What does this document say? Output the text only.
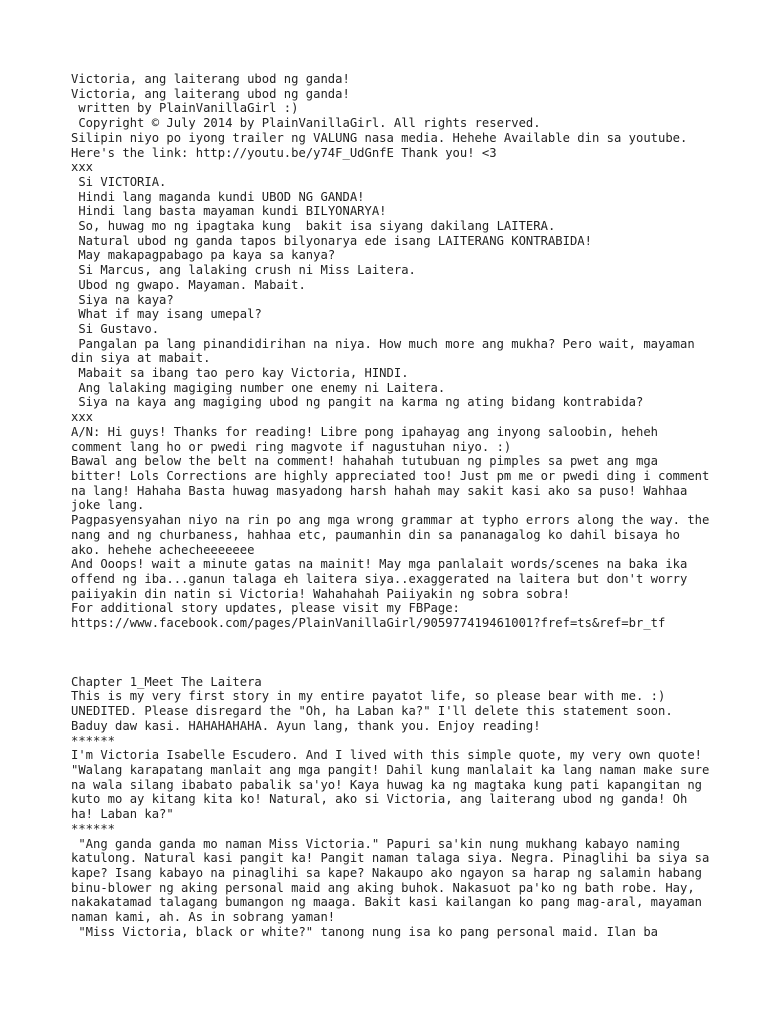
Victoria, ang laiterang ubod ng ganda!

Victoria, ang laiterang ubod ng ganda!

written by PlainVanillaGirl :)

Copyright © July 2014 by PlainVanillaGirl. All rights reserved.

Silipin niyo po iyong trailer ng VALUNG nasa media. Hehehe Available din sa youtube. Here's the link: http://youtu.be/y74F_UdGnfE Thank you! <3

xxx

Si VICTORIA.

Hindi lang maganda kundi UBOD NG GANDA!

Hindi lang basta mayaman kundi BILYONARYA!

So, huwag mo ng ipagtaka kung  bakit isa siyang dakilang LAITERA.

Natural ubod ng ganda tapos bilyonarya ede isang LAITERANG KONTRABIDA!

May makapagpabago pa kaya sa kanya?

Si Marcus, ang lalaking crush ni Miss Laitera.

Ubod ng gwapo. Mayaman. Mabait.

Siya na kaya?

What if may isang umepal?

Si Gustavo.

Pangalan pa lang pinandidirihan na niya. How much more ang mukha? Pero wait, mayaman din siya at mabait.

Mabait sa ibang tao pero kay Victoria, HINDI.

Ang lalaking magiging number one enemy ni Laitera.

Siya na kaya ang magiging ubod ng pangit na karma ng ating bidang kontrabida?

xxx

A/N: Hi guys! Thanks for reading! Libre pong ipahayag ang inyong saloobin, heheh comment lang ho or pwedi ring magvote if nagustuhan niyo. :)

Bawal ang below the belt na comment! hahahah tutubuan ng pimples sa pwet ang mga bitter! Lols Corrections are highly appreciated too! Just pm me or pwedi ding i comment na lang! Hahaha Basta huwag masyadong harsh hahah may sakit kasi ako sa puso! Wahhaa joke lang.

Pagpasyensyahan niyo na rin po ang mga wrong grammar at typho errors along the way. the nang and ng churbaness, hahhaa etc, paumanhin din sa pananagalog ko dahil bisaya ho ako. hehehe achecheeeeeee

And Ooops! wait a minute gatas na mainit! May mga panlalait words/scenes na baka ika offend ng iba...ganun talaga eh laitera siya..exaggerated na laitera but don't worry paiiyakin din natin si Victoria! Wahahahah Paiiyakin ng sobra sobra!

For additional story updates, please visit my FBPage: https://www.facebook.com/pages/PlainVanillaGirl/905977419461001?fref=ts&ref=br_tf

Chapter 1_Meet The Laitera

This is my very first story in my entire payatot life, so please bear with me. :) UNEDITED. Please disregard the "Oh, ha Laban ka?" I'll delete this statement soon. Baduy daw kasi. HAHAHAHAHA. Ayun lang, thank you. Enjoy reading!

******

I'm Victoria Isabelle Escudero. And I lived with this simple quote, my very own quote!

"Walang karapatang manlait ang mga pangit! Dahil kung manlalait ka lang naman make sure na wala silang ibabato pabalik sa'yo! Kaya huwag ka ng magtaka kung pati kapangitan ng kuto mo ay kitang kita ko! Natural, ako si Victoria, ang laiterang ubod ng ganda! Oh ha! Laban ka?"

******

"Ang ganda ganda mo naman Miss Victoria." Papuri sa'kin nung mukhang kabayo naming katulong. Natural kasi pangit ka! Pangit naman talaga siya. Negra. Pinaglihi ba siya sa kape? Isang kabayo na pinaglihi sa kape? Nakaupo ako ngayon sa harap ng salamin habang binu-blower ng aking personal maid ang aking buhok. Nakasuot pa'ko ng bath robe. Hay, nakakatamad talagang bumangon ng maaga. Bakit kasi kailangan ko pang mag-aral, mayaman naman kami, ah. As in sobrang yaman!

"Miss Victoria, black or white?" tanong nung isa ko pang personal maid. Ilan ba
